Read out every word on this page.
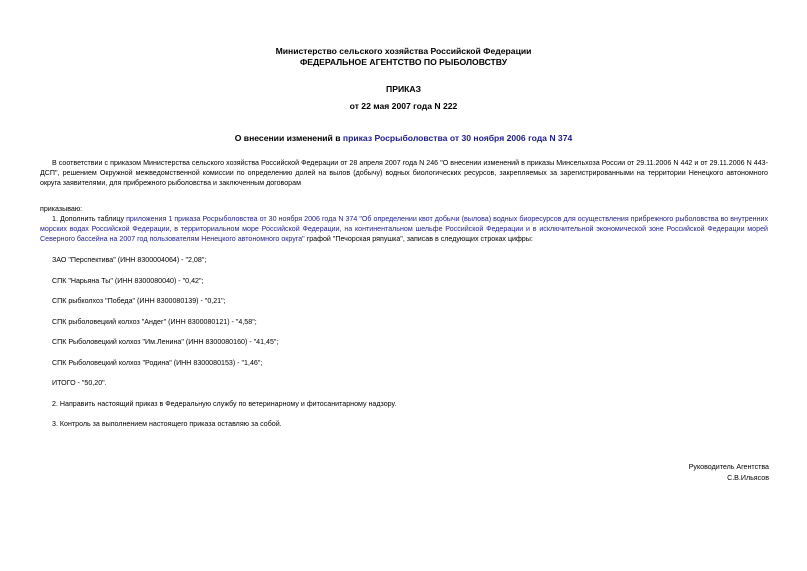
Министерство сельского хозяйства Российской Федерации
ФЕДЕРАЛЬНОЕ АГЕНТСТВО ПО РЫБОЛОВСТВУ
ПРИКАЗ
от 22 мая 2007 года N 222
О внесении изменений в приказ Росрыболовства от 30 ноября 2006 года N 374
В соответствии с приказом Министерства сельского хозяйства Российской Федерации от 28 апреля 2007 года N 246 "О внесении изменений в приказы Минсельхоза России от 29.11.2006 N 442 и от 29.11.2006 N 443-ДСП", решением Окружной межведомственной комиссии по определению долей на вылов (добычу) водных биологических ресурсов, закрепляемых за зарегистрированными на территории Ненецкого автономного округа заявителями, для прибрежного рыболовства и заключенным договорам
приказываю:
1. Дополнить таблицу приложения 1 приказа Росрыболовства от 30 ноября 2006 года N 374 "Об определении квот добычи (вылова) водных биоресурсов для осуществления прибрежного рыболовства во внутренних морских водах Российской Федерации, в территориальном море Российской Федерации, на континентальном шельфе Российской Федерации и в исключительной экономической зоне Российской Федерации морей Северного бассейна на 2007 год пользователям Ненецкого автономного округа" графой "Печорская ряпушка", записав в следующих строках цифры:
ЗАО "Перспектива" (ИНН 8300004064) - "2,08";
СПК "Нарьяна Ты" (ИНН 8300080040) - "0,42";
СПК рыбколхоз "Победа" (ИНН 8300080139) - "0,21";
СПК рыболовецкий колхоз "Андег" (ИНН 8300080121) - "4,58";
СПК Рыболовецкий колхоз "Им.Ленина" (ИНН 8300080160) - "41,45";
СПК Рыболовецкий колхоз "Родина" (ИНН 8300080153) - "1,46";
ИТОГО - "50,20".
2. Направить настоящий приказ в Федеральную службу по ветеринарному и фитосанитарному надзору.
3. Контроль за выполнением настоящего приказа оставляю за собой.
Руководитель Агентства
С.В.Ильясов
